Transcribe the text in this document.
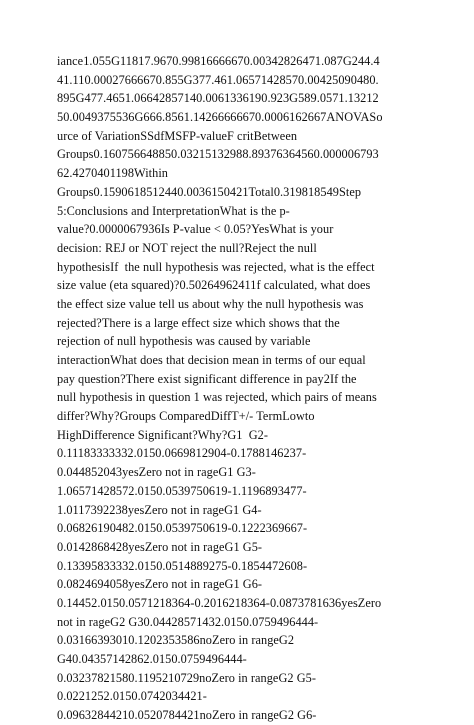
iance1.055G11817.9670.99816666670.00342826471.087G244.4
41.110.00027666670.855G377.461.06571428570.00425090480.
895G477.4651.06642857140.0061336190.923G589.0571.13212
50.0049375536G666.8561.14266666670.0006162667ANOVASo
urce of VariationSSdfMSFP-valueF critBetween
Groups0.160756648850.03215132988.89376364560.000006793
62.4270401198Within
Groups0.1590618512440.0036150421Total0.319818549Step
5:Conclusions and InterpretationWhat is the p-
value?0.0000067936Is P-value < 0.05?YesWhat is your
decision: REJ or NOT reject the null?Reject the null
hypothesisIf  the null hypothesis was rejected, what is the effect
size value (eta squared)?0.50264962411f calculated, what does
the effect size value tell us about why the null hypothesis was
rejected?There is a large effect size which shows that the
rejection of null hypothesis was caused by variable
interactionWhat does that decision mean in terms of our equal
pay question?There exist significant difference in pay2If the
null hypothesis in question 1 was rejected, which pairs of means
differ?Why?Groups ComparedDiffT+/- TermLowto
HighDifference Significant?Why?G1  G2-
0.11183333332.0150.0669812904-0.1788146237-
0.044852043yesZero not in rageG1 G3-
1.06571428572.0150.0539750619-1.1196893477-
1.0117392238yesZero not in rageG1 G4-
0.06826190482.0150.0539750619-0.1222369667-
0.0142868428yesZero not in rageG1 G5-
0.13395833332.0150.0514889275-0.1854472608-
0.0824694058yesZero not in rageG1 G6-
0.14452.0150.0571218364-0.2016218364-0.0873781636yesZero
not in rageG2 G30.04428571432.0150.0759496444-
0.03166393010.1202353586noZero in rangeG2
G40.04357142862.0150.0759496444-
0.03237821580.1195210729noZero in rangeG2 G5-
0.0221252.0150.0742034421-
0.09632844210.0520784421noZero in rangeG2 G6-
